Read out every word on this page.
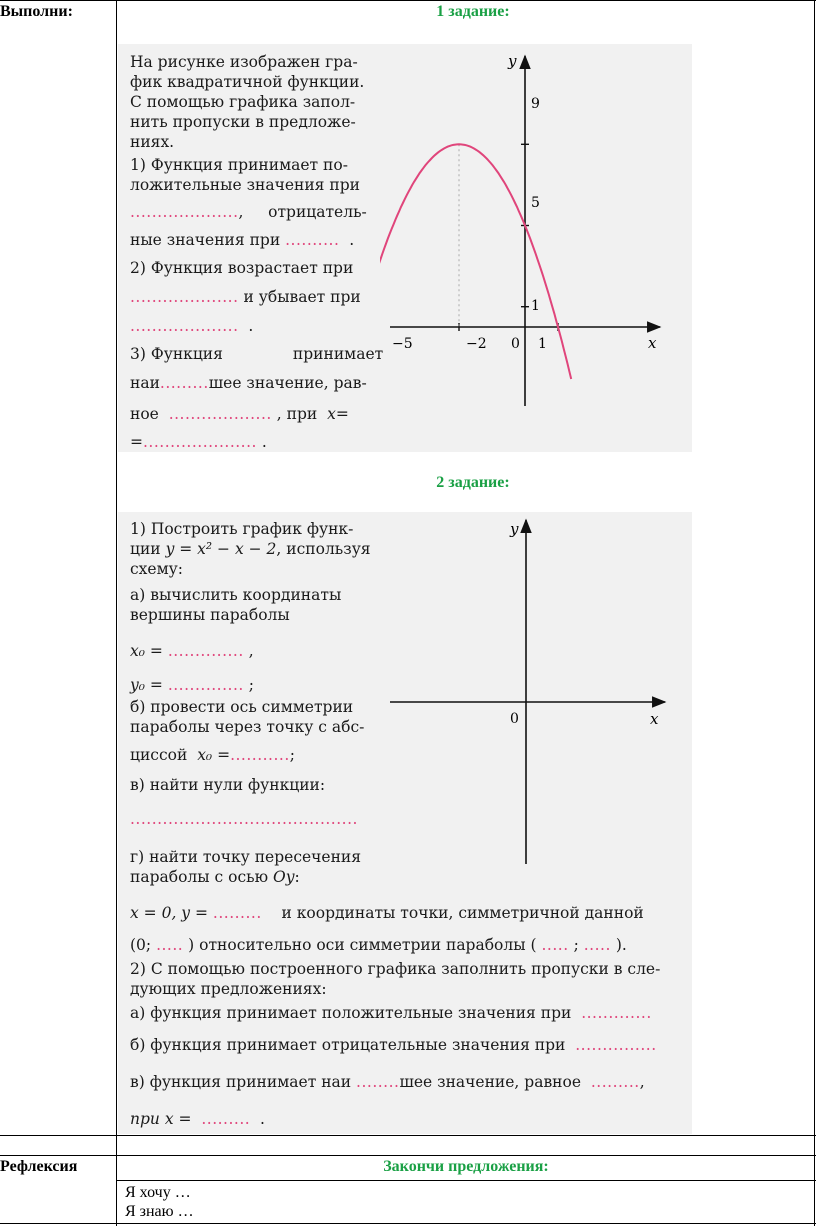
Выполни:	1 задание:
2 задание:
На рисунке изображен гра-
фик квадратичной функции.
С помощью графика запол-
нить пропуски в предложе-
ниях.
1) Функция принимает по-
ложительные значения при
....................,     отрицатель-
ные значения при ..........  .
2) Функция возрастает при
.................... и убывает при
....................  .
3) Функция	принимает
наи.........шее значение, рав-
ное ................... , при x=
=..................... .
y
x
9
5
1
−5	−2 0 1
y
x
0
1) Построить график функ-
ции y = x² − x − 2, используя
схему:
а) вычислить координаты
вершины параболы
x₀ = .............. ,
y₀ = .............. ;
б) провести ось симметрии
параболы через точку с абс-
циссой x₀ =...........;
в) найти нули функции:
..........................................
г) найти точку пересечения
параболы с осью Oy:
x = 0, y = ......... и координаты точки, симметричной данной
(0; ..... ) относительно оси симметрии параболы ( ..... ; ..... ).
2) С помощью построенного графика заполнить пропуски в сле-
дующих предложениях:
а) функция принимает положительные значения при .............
б) функция принимает отрицательные значения при ...............
в) функция принимает наи ........шее значение, равное .........,
при x = ......... .
Рефлексия	Закончи предложения:
Я хочу …
Я знаю …
